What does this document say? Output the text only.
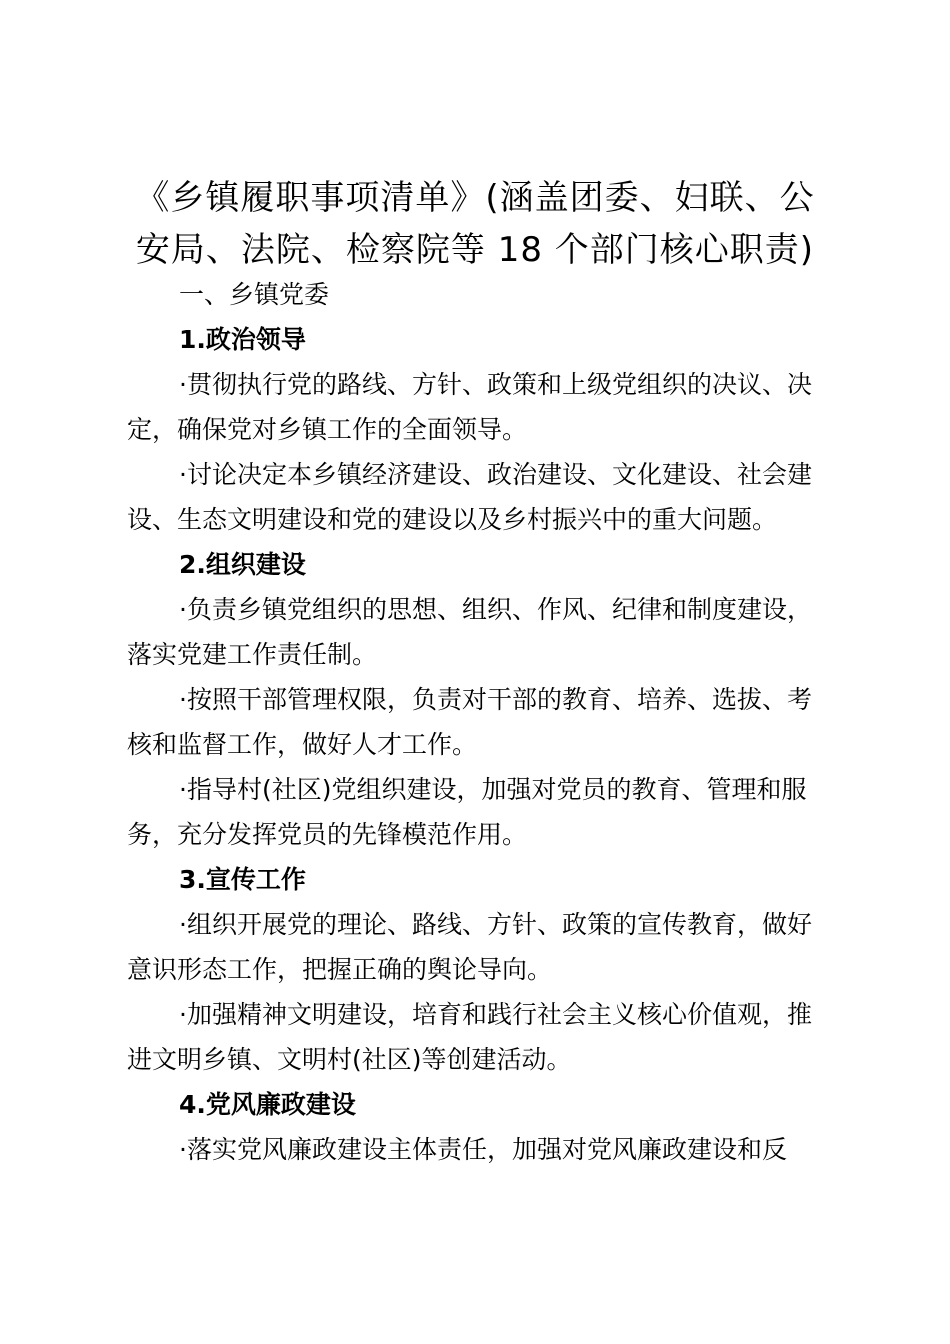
《乡镇履职事项清单》(涵盖团委、妇联、公
安局、法院、检察院等 18 个部门核心职责)
一、乡镇党委
1.政治领导
·贯彻执行党的路线、方针、政策和上级党组织的决议、决
定，确保党对乡镇工作的全面领导。
·讨论决定本乡镇经济建设、政治建设、文化建设、社会建
设、生态文明建设和党的建设以及乡村振兴中的重大问题。
2.组织建设
·负责乡镇党组织的思想、组织、作风、纪律和制度建设，
落实党建工作责任制。
·按照干部管理权限，负责对干部的教育、培养、选拔、考
核和监督工作，做好人才工作。
·指导村(社区)党组织建设，加强对党员的教育、管理和服
务，充分发挥党员的先锋模范作用。
3.宣传工作
·组织开展党的理论、路线、方针、政策的宣传教育，做好
意识形态工作，把握正确的舆论导向。
·加强精神文明建设，培育和践行社会主义核心价值观，推
进文明乡镇、文明村(社区)等创建活动。
4.党风廉政建设
·落实党风廉政建设主体责任，加强对党风廉政建设和反
